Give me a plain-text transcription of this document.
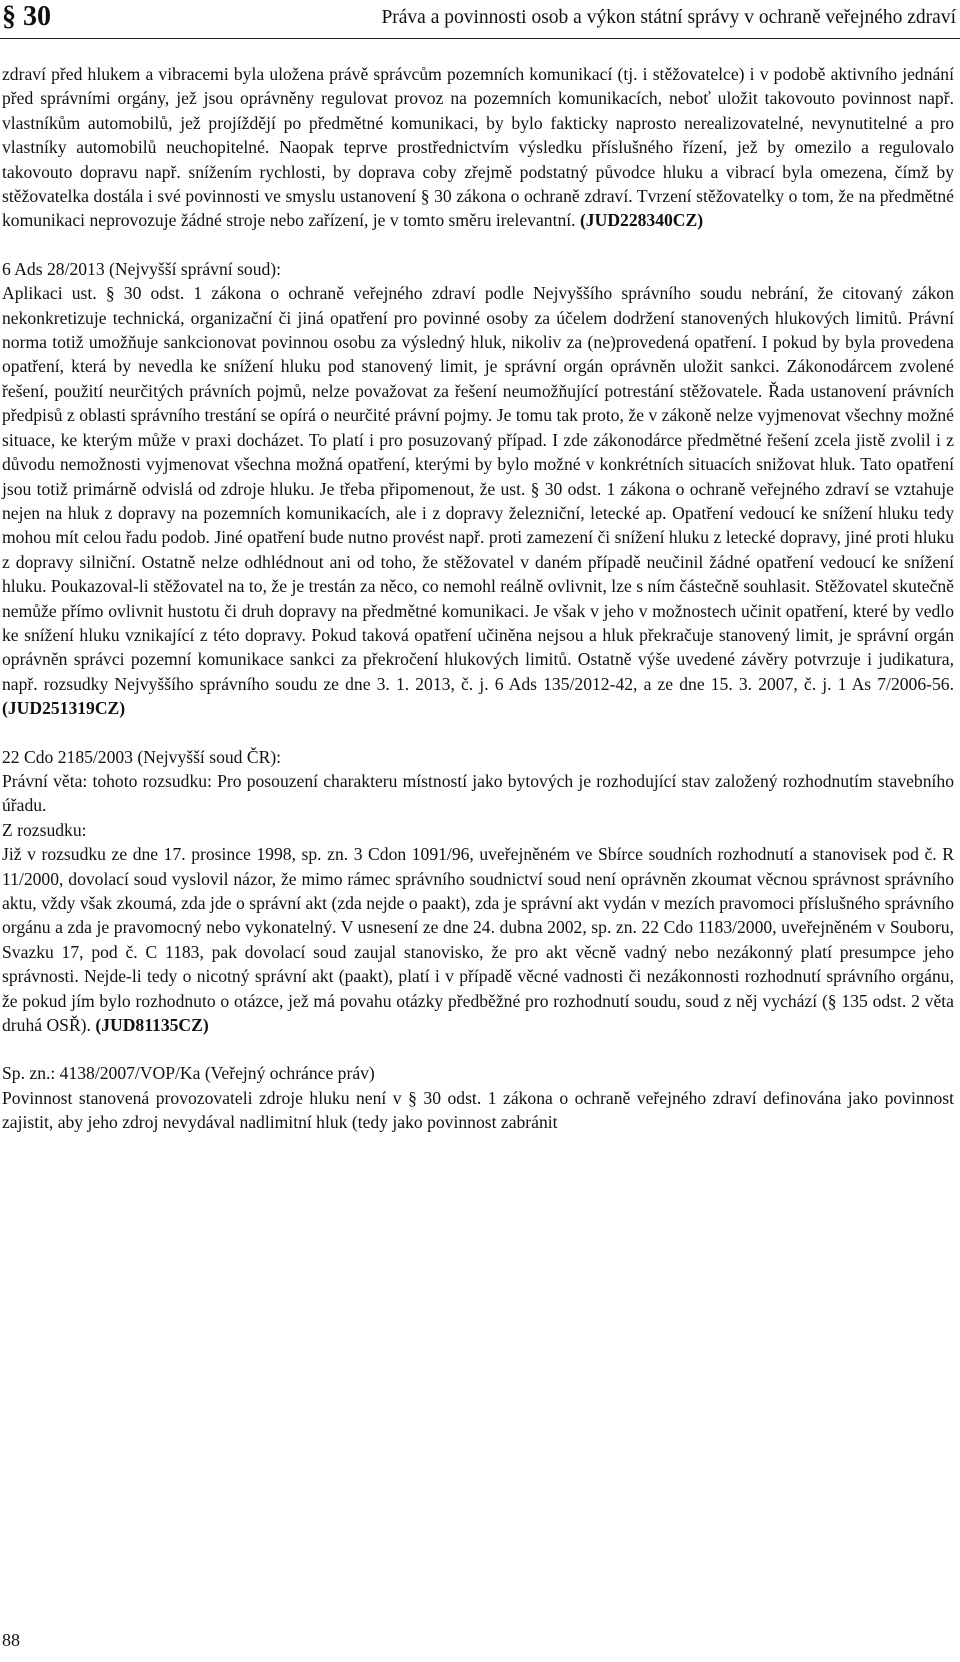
§ 30	Práva a povinnosti osob a výkon státní správy v ochraně veřejného zdraví

zdraví před hlukem a vibracemi byla uložena právě správcům pozemních komunikací (tj. i stěžovatelce) i v podobě aktivního jednání před správními orgány, jež jsou oprávněny regulovat provoz na pozemních komunikacích, neboť uložit takovouto povinnost např. vlastníkům automobilů, jež projíždějí po předmětné komunikaci, by bylo fakticky naprosto nerealizovatelné, nevynutitelné a pro vlastníky automobilů neuchopitelné. Naopak teprve prostřednictvím výsledku příslušného řízení, jež by omezilo a regulovalo takovouto dopravu např. snížením rychlosti, by doprava coby zřejmě podstatný původce hluku a vibrací byla omezena, čímž by stěžovatelka dostála i své povinnosti ve smyslu ustanovení § 30 zákona o ochraně zdraví. Tvrzení stěžovatelky o tom, že na předmětné komunikaci neprovozuje žádné stroje nebo zařízení, je v tomto směru irelevantní. (JUD228340CZ)

6 Ads 28/2013 (Nejvyšší správní soud):

Aplikaci ust. § 30 odst. 1 zákona o ochraně veřejného zdraví podle Nejvyššího správního soudu nebrání, že citovaný zákon nekonkretizuje technická, organizační či jiná opatření pro povinné osoby za účelem dodržení stanovených hlukových limitů. Právní norma totiž umožňuje sankcionovat povinnou osobu za výsledný hluk, nikoliv za (ne)provedená opatření. I pokud by byla provedena opatření, která by nevedla ke snížení hluku pod stanovený limit, je správní orgán oprávněn uložit sankci. Zákonodárcem zvolené řešení, použití neurčitých právních pojmů, nelze považovat za řešení neumožňující potrestání stěžovatele. Řada ustanovení právních předpisů z oblasti správního trestání se opírá o neurčité právní pojmy. Je tomu tak proto, že v zákoně nelze vyjmenovat všechny možné situace, ke kterým může v praxi docházet. To platí i pro posuzovaný případ. I zde zákonodárce předmětné řešení zcela jistě zvolil i z důvodu nemožnosti vyjmenovat všechna možná opatření, kterými by bylo možné v konkrétních situacích snižovat hluk. Tato opatření jsou totiž primárně odvislá od zdroje hluku. Je třeba připomenout, že ust. § 30 odst. 1 zákona o ochraně veřejného zdraví se vztahuje nejen na hluk z dopravy na pozemních komunikacích, ale i z dopravy železniční, letecké ap. Opatření vedoucí ke snížení hluku tedy mohou mít celou řadu podob. Jiné opatření bude nutno provést např. proti zamezení či snížení hluku z letecké dopravy, jiné proti hluku z dopravy silniční. Ostatně nelze odhlédnout ani od toho, že stěžovatel v daném případě neučinil žádné opatření vedoucí ke snížení hluku. Poukazoval-li stěžovatel na to, že je trestán za něco, co nemohl reálně ovlivnit, lze s ním částečně souhlasit. Stěžovatel skutečně nemůže přímo ovlivnit hustotu či druh dopravy na předmětné komunikaci. Je však v jeho v možnostech učinit opatření, které by vedlo ke snížení hluku vznikající z této dopravy. Pokud taková opatření učiněna nejsou a hluk překračuje stanovený limit, je správní orgán oprávněn správci pozemní komunikace sankci za překročení hlukových limitů. Ostatně výše uvedené závěry potvrzuje i judikatura, např. rozsudky Nejvyššího správního soudu ze dne 3. 1. 2013, č. j. 6 Ads 135/2012-42, a ze dne 15. 3. 2007, č. j. 1 As 7/2006-56. (JUD251319CZ)

22 Cdo 2185/2003 (Nejvyšší soud ČR):

Právní věta: tohoto rozsudku: Pro posouzení charakteru místností jako bytových je rozhodující stav založený rozhodnutím stavebního úřadu.

Z rozsudku:

Již v rozsudku ze dne 17. prosince 1998, sp. zn. 3 Cdon 1091/96, uveřejněném ve Sbírce soudních rozhodnutí a stanovisek pod č. R 11/2000, dovolací soud vyslovil názor, že mimo rámec správního soudnictví soud není oprávněn zkoumat věcnou správnost správního aktu, vždy však zkoumá, zda jde o správní akt (zda nejde o paakt), zda je správní akt vydán v mezích pravomoci příslušného správního orgánu a zda je pravomocný nebo vykonatelný. V usnesení ze dne 24. dubna 2002, sp. zn. 22 Cdo 1183/2000, uveřejněném v Souboru, Svazku 17, pod č. C 1183, pak dovolací soud zaujal stanovisko, že pro akt věcně vadný nebo nezákonný platí presumpce jeho správnosti. Nejde-li tedy o nicotný správní akt (paakt), platí i v případě věcné vadnosti či nezákonnosti rozhodnutí správního orgánu, že pokud jím bylo rozhodnuto o otázce, jež má povahu otázky předběžné pro rozhodnutí soudu, soud z něj vychází (§ 135 odst. 2 věta druhá OSŘ). (JUD81135CZ)

Sp. zn.: 4138/2007/VOP/Ka (Veřejný ochránce práv)

Povinnost stanovená provozovateli zdroje hluku není v § 30 odst. 1 zákona o ochraně veřejného zdraví definována jako povinnost zajistit, aby jeho zdroj nevydával nadlimitní hluk (tedy jako povinnost zabránit

88
